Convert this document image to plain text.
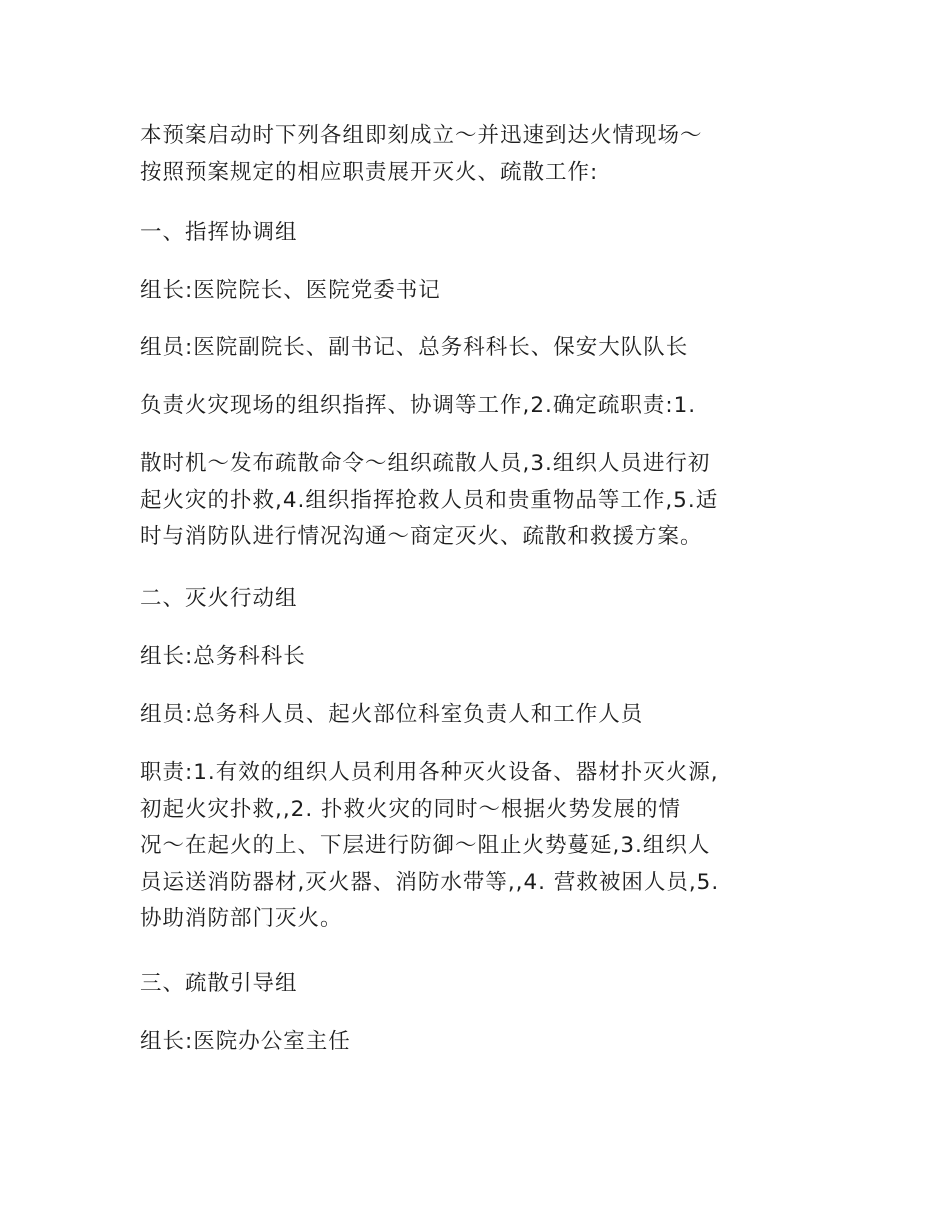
本预案启动时下列各组即刻成立～并迅速到达火情现场～
按照预案规定的相应职责展开灭火、疏散工作:
一、指挥协调组
组长:医院院长、医院党委书记
组员:医院副院长、副书记、总务科科长、保安大队队长
负责火灾现场的组织指挥、协调等工作,2.确定疏职责:1.
散时机～发布疏散命令～组织疏散人员,3.组织人员进行初
起火灾的扑救,4.组织指挥抢救人员和贵重物品等工作,5.适
时与消防队进行情况沟通～商定灭火、疏散和救援方案。
二、灭火行动组
组长:总务科科长
组员:总务科人员、起火部位科室负责人和工作人员
职责:1.有效的组织人员利用各种灭火设备、器材扑灭火源,
初起火灾扑救,,2. 扑救火灾的同时～根据火势发展的情
况～在起火的上、下层进行防御～阻止火势蔓延,3.组织人
员运送消防器材,灭火器、消防水带等,,4. 营救被困人员,5.
协助消防部门灭火。
三、疏散引导组
组长:医院办公室主任
